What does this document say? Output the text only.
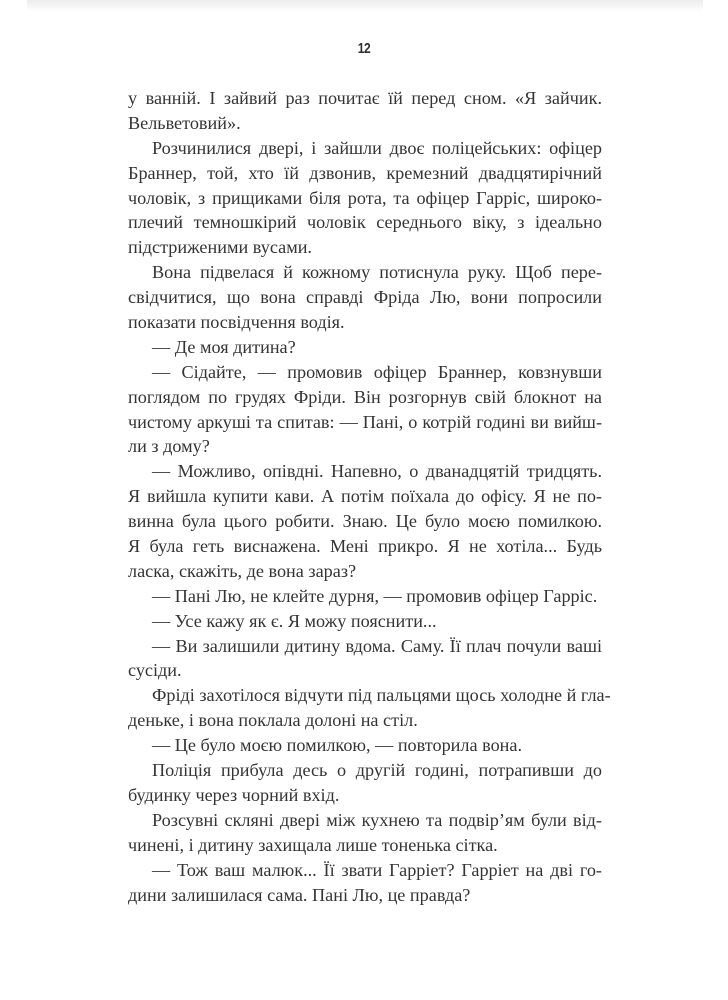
12
у ванній. І зайвий раз почитає їй перед сном. «Я зайчик.
Вельветовий».
Розчинилися двері, і зайшли двоє поліцейських: офіцер
Браннер, той, хто їй дзвонив, кремезний двадцятирічний
чоловік, з прищиками біля рота, та офіцер Гарріс, широко-
плечий темношкірий чоловік середнього віку, з ідеально
підстриженими вусами.
Вона підвелася й кожному потиснула руку. Щоб пере-
свідчитися, що вона справді Фріда Лю, вони попросили
показати посвідчення водія.
— Де моя дитина?
— Сідайте, — промовив офіцер Браннер, ковзнувши
поглядом по грудях Фріди. Він розгорнув свій блокнот на
чистому аркуші та спитав: — Пані, о котрій годині ви вийш-
ли з дому?
— Можливо, опівдні. Напевно, о дванадцятій тридцять.
Я вийшла купити кави. А потім поїхала до офісу. Я не по-
винна була цього робити. Знаю. Це було моєю помилкою.
Я була геть виснажена. Мені прикро. Я не хотіла... Будь
ласка, скажіть, де вона зараз?
— Пані Лю, не клейте дурня, — промовив офіцер Гарріс.
— Усе кажу як є. Я можу пояснити...
— Ви залишили дитину вдома. Саму. Її плач почули ваші
сусіди.
Фріді захотілося відчути під пальцями щось холодне й гла-
деньке, і вона поклала долоні на стіл.
— Це було моєю помилкою, — повторила вона.
Поліція прибула десь о другій годині, потрапивши до
будинку через чорний вхід.
Розсувні скляні двері між кухнею та подвір’ям були від-
чинені, і дитину захищала лише тоненька сітка.
— Тож ваш малюк... Її звати Гарріет? Гарріет на дві го-
дини залишилася сама. Пані Лю, це правда?
